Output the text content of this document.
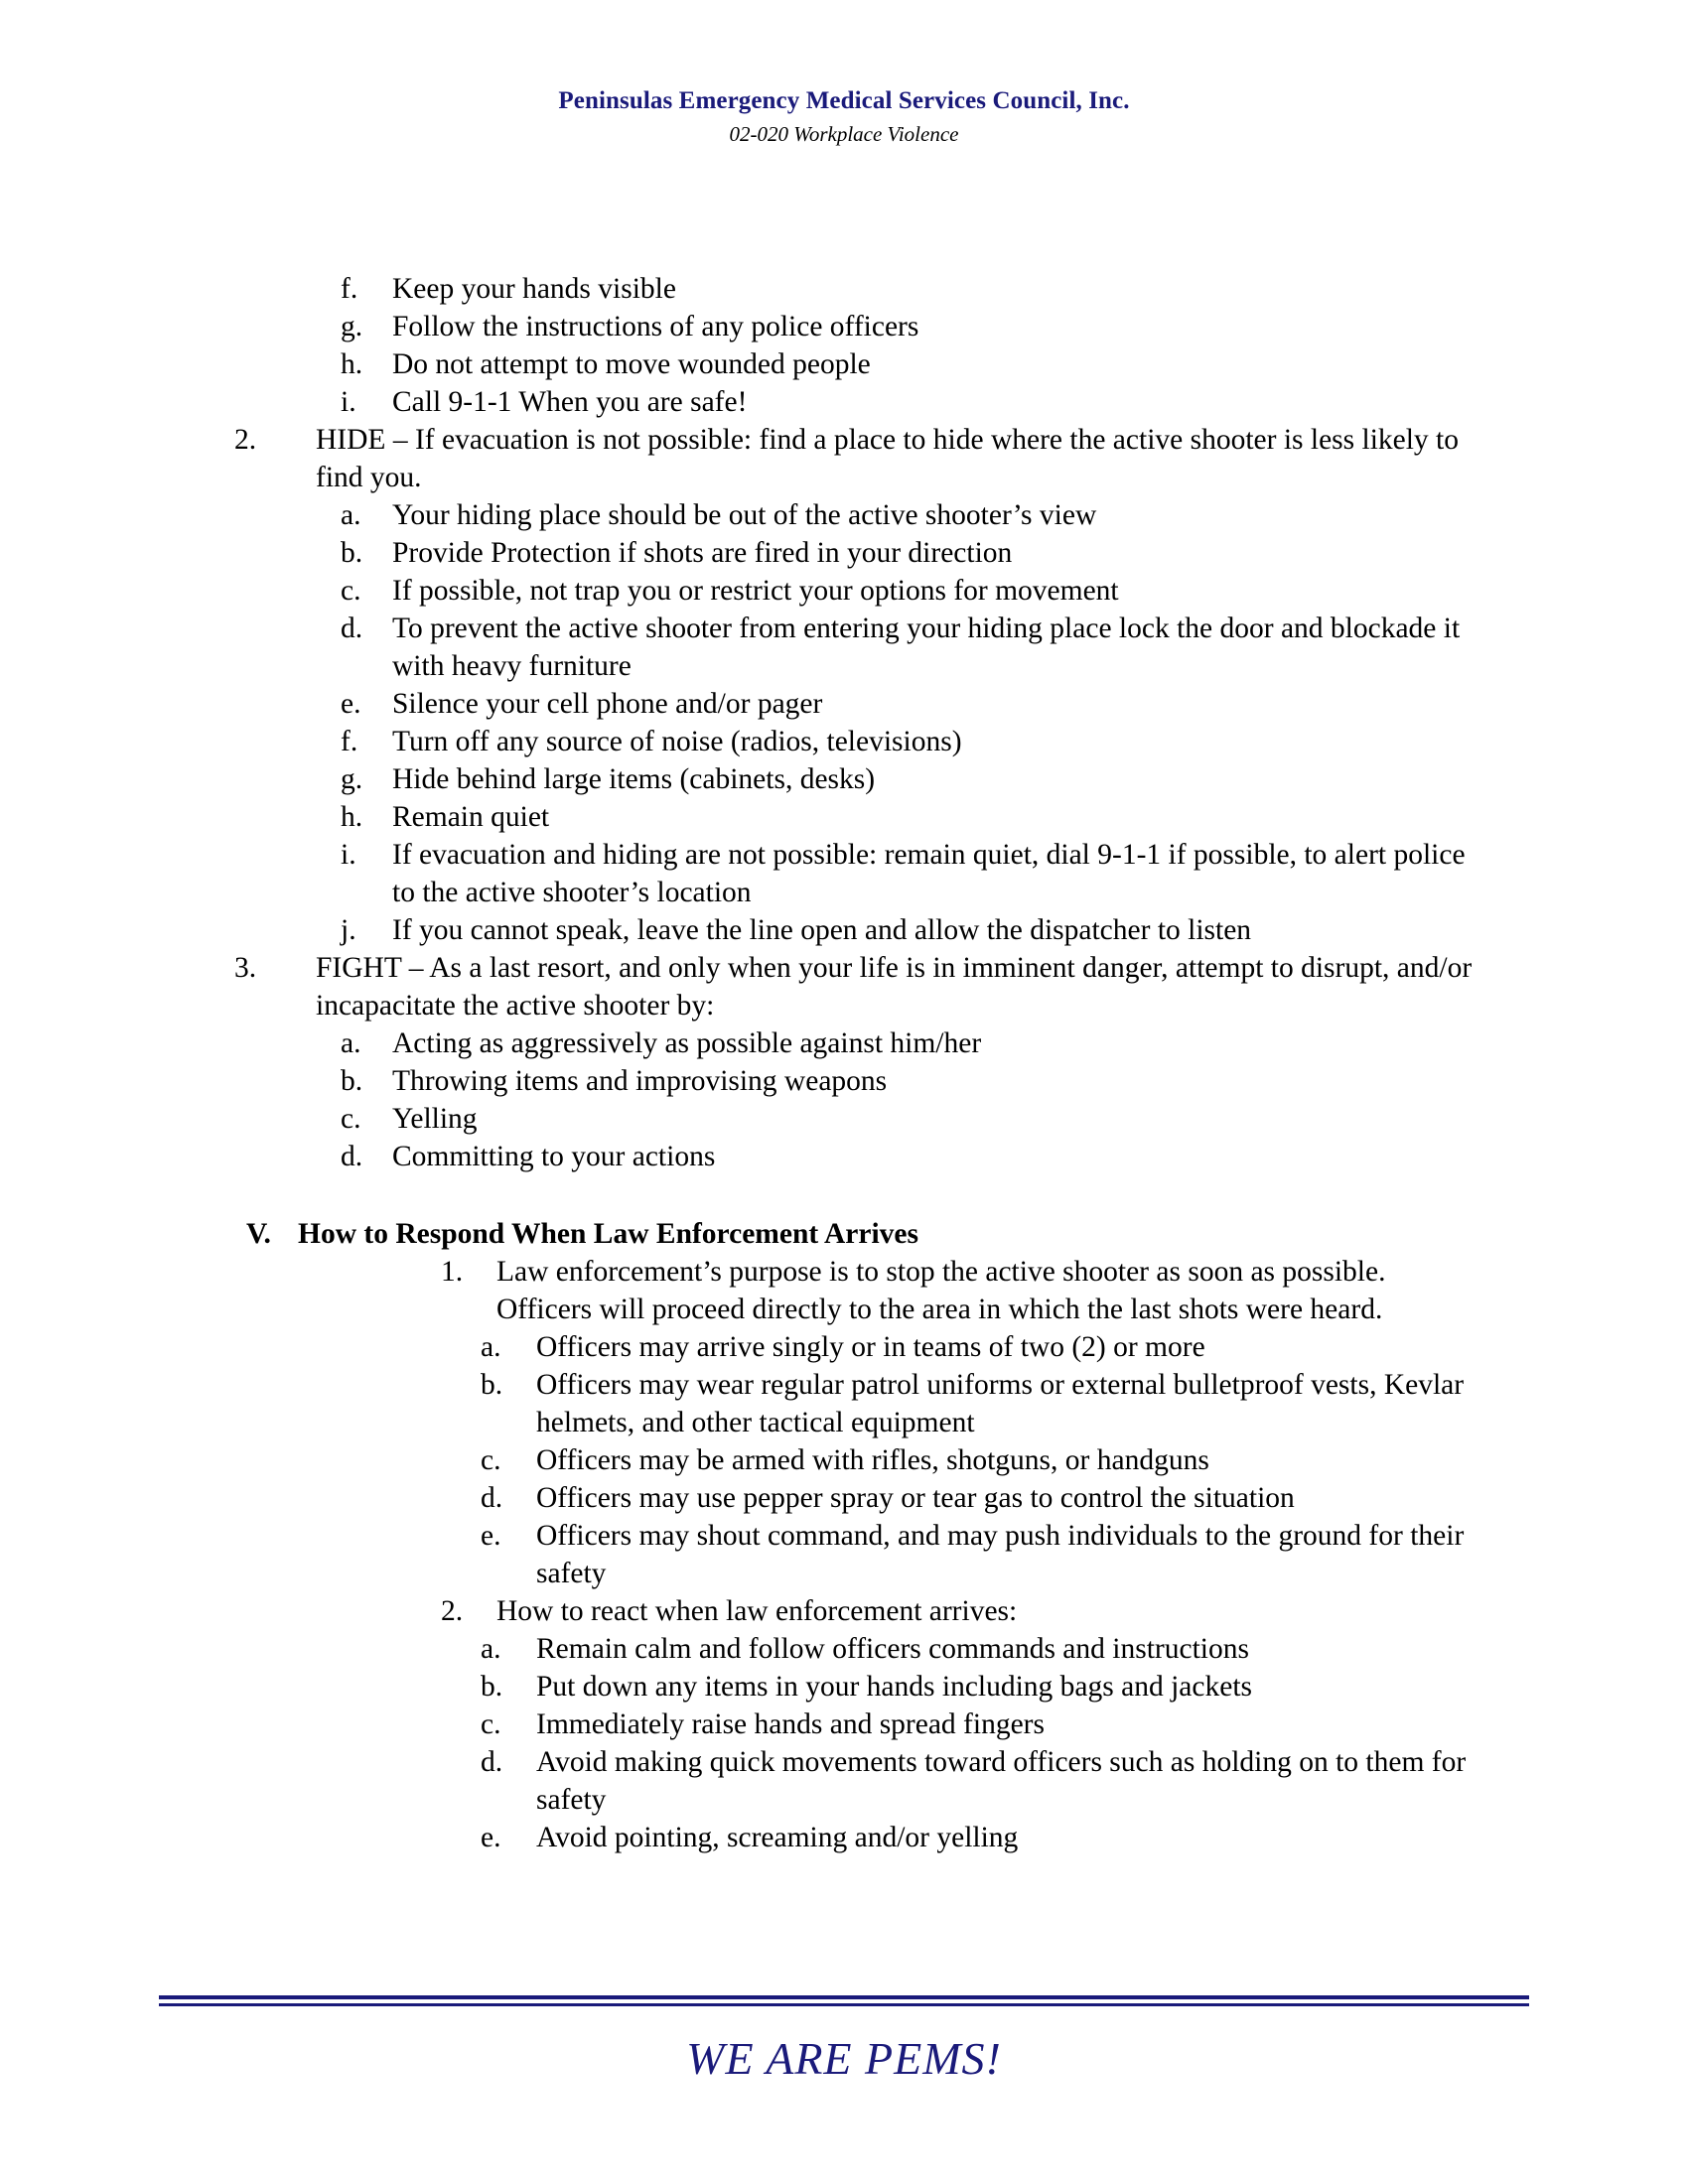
Peninsulas Emergency Medical Services Council, Inc.
02-020 Workplace Violence
f.	Keep your hands visible
g.	Follow the instructions of any police officers
h.	Do not attempt to move wounded people
i.	Call 9-1-1 When you are safe!
2.	HIDE – If evacuation is not possible: find a place to hide where the active shooter is less likely to find you.
a.	Your hiding place should be out of the active shooter’s view
b.	Provide Protection if shots are fired in your direction
c.	If possible, not trap you or restrict your options for movement
d.	To prevent the active shooter from entering your hiding place lock the door and blockade it with heavy furniture
e.	Silence your cell phone and/or pager
f.	Turn off any source of noise (radios, televisions)
g.	Hide behind large items (cabinets, desks)
h.	Remain quiet
i.	If evacuation and hiding are not possible: remain quiet, dial 9-1-1 if possible, to alert police to the active shooter’s location
j.	If you cannot speak, leave the line open and allow the dispatcher to listen
3.	FIGHT – As a last resort, and only when your life is in imminent danger, attempt to disrupt, and/or incapacitate the active shooter by:
a.	Acting as aggressively as possible against him/her
b.	Throwing items and improvising weapons
c.	Yelling
d.	Committing to your actions
V. How to Respond When Law Enforcement Arrives
1.	Law enforcement’s purpose is to stop the active shooter as soon as possible. Officers will proceed directly to the area in which the last shots were heard.
a.	Officers may arrive singly or in teams of two (2) or more
b.	Officers may wear regular patrol uniforms or external bulletproof vests, Kevlar helmets, and other tactical equipment
c.	Officers may be armed with rifles, shotguns, or handguns
d.	Officers may use pepper spray or tear gas to control the situation
e.	Officers may shout command, and may push individuals to the ground for their safety
2.	How to react when law enforcement arrives:
a.	Remain calm and follow officers commands and instructions
b.	Put down any items in your hands including bags and jackets
c.	Immediately raise hands and spread fingers
d.	Avoid making quick movements toward officers such as holding on to them for safety
e.	Avoid pointing, screaming and/or yelling
WE ARE PEMS!
